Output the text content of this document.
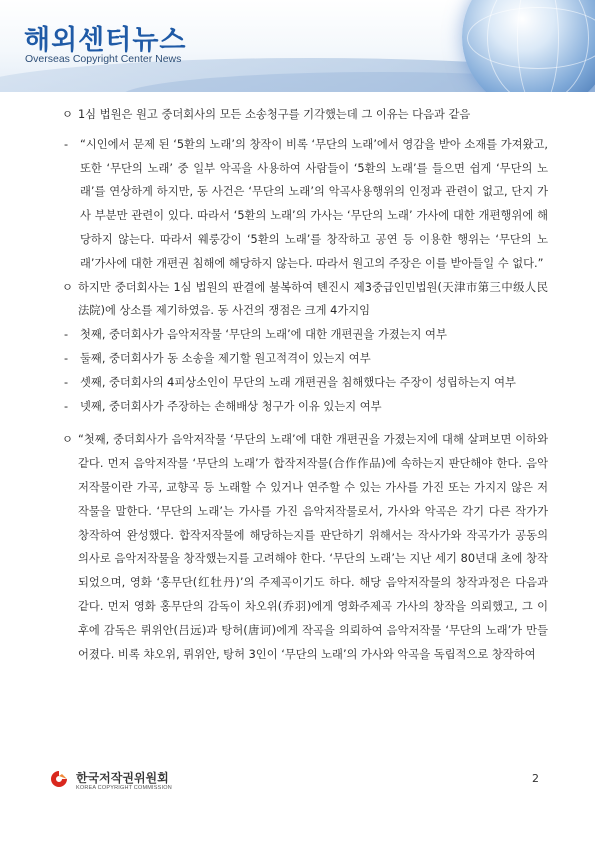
해외센터뉴스
Overseas Copyright Center News

ㅇ 1심 법원은 원고 중더회사의 모든 소송청구를 기각했는데 그 이유는 다음과 같음

- “시인에서 문제 된 ‘5환의 노래’의 창작이 비록 ‘무단의 노래’에서 영감을 받아 소재를 가져왔고, 또한 ‘무단의 노래’ 중 일부 악곡을 사용하여 사람들이 ‘5환의 노래’를 들으면 쉽게 ‘무단의 노래’를 연상하게 하지만, 동 사건은 ‘무단의 노래’의 악곡사용행위의 인정과 관련이 없고, 단지 가사 부분만 관련이 있다. 따라서 ‘5환의 노래’의 가사는 ‘무단의 노래’ 가사에 대한 개편행위에 해당하지 않는다. 따라서 웨룽강이 ‘5환의 노래’를 창작하고 공연 등 이용한 행위는 ‘무단의 노래’가사에 대한 개편권 침해에 해당하지 않는다. 따라서 원고의 주장은 이를 받아들일 수 없다.”

ㅇ 하지만 중더회사는 1심 법원의 판결에 불복하여 톈진시 제3중급인민법원(天津市第三中级人民法院)에 상소를 제기하였음. 동 사건의 쟁점은 크게 4가지임

- 첫째, 중더회사가 음악저작물 ‘무단의 노래’에 대한 개편권을 가졌는지 여부

- 둘째, 중더회사가 동 소송을 제기할 원고적격이 있는지 여부

- 셋째, 중더회사의 4피상소인이 무단의 노래 개편권을 침해했다는 주장이 성립하는지 여부

- 넷째, 중더회사가 주장하는 손해배상 청구가 이유 있는지 여부

ㅇ “첫째, 중더회사가 음악저작물 ‘무단의 노래’에 대한 개편권을 가졌는지에 대해 살펴보면 이하와 같다. 먼저 음악저작물 ‘무단의 노래’가 합작저작물(合作作品)에 속하는지 판단해야 한다. 음악저작물이란 가곡, 교향곡 등 노래할 수 있거나 연주할 수 있는 가사를 가진 또는 가지지 않은 저작물을 말한다. ‘무단의 노래’는 가사를 가진 음악저작물로서, 가사와 악곡은 각기 다른 작가가 창작하여 완성했다. 합작저작물에 해당하는지를 판단하기 위해서는 작사가와 작곡가가 공동의 의사로 음악저작물을 창작했는지를 고려해야 한다. ‘무단의 노래’는 지난 세기 80년대 초에 창작되었으며, 영화 ‘홍무단(红牡丹)’의 주제곡이기도 하다. 해당 음악저작물의 창작과정은 다음과 같다. 먼저 영화 홍무단의 감독이 차오위(乔羽)에게 영화주제곡 가사의 창작을 의뢰했고, 그 이후에 감독은 뤼위안(吕远)과 탕허(唐诃)에게 작곡을 의뢰하여 음악저작물 ‘무단의 노래’가 만들어졌다. 비록 챠오위, 뤼위안, 탕허 3인이 ‘무단의 노래’의 가사와 악곡을 독립적으로 창작하여

한국저작권위원회
KOREA COPYRIGHT COMMISSION
2
